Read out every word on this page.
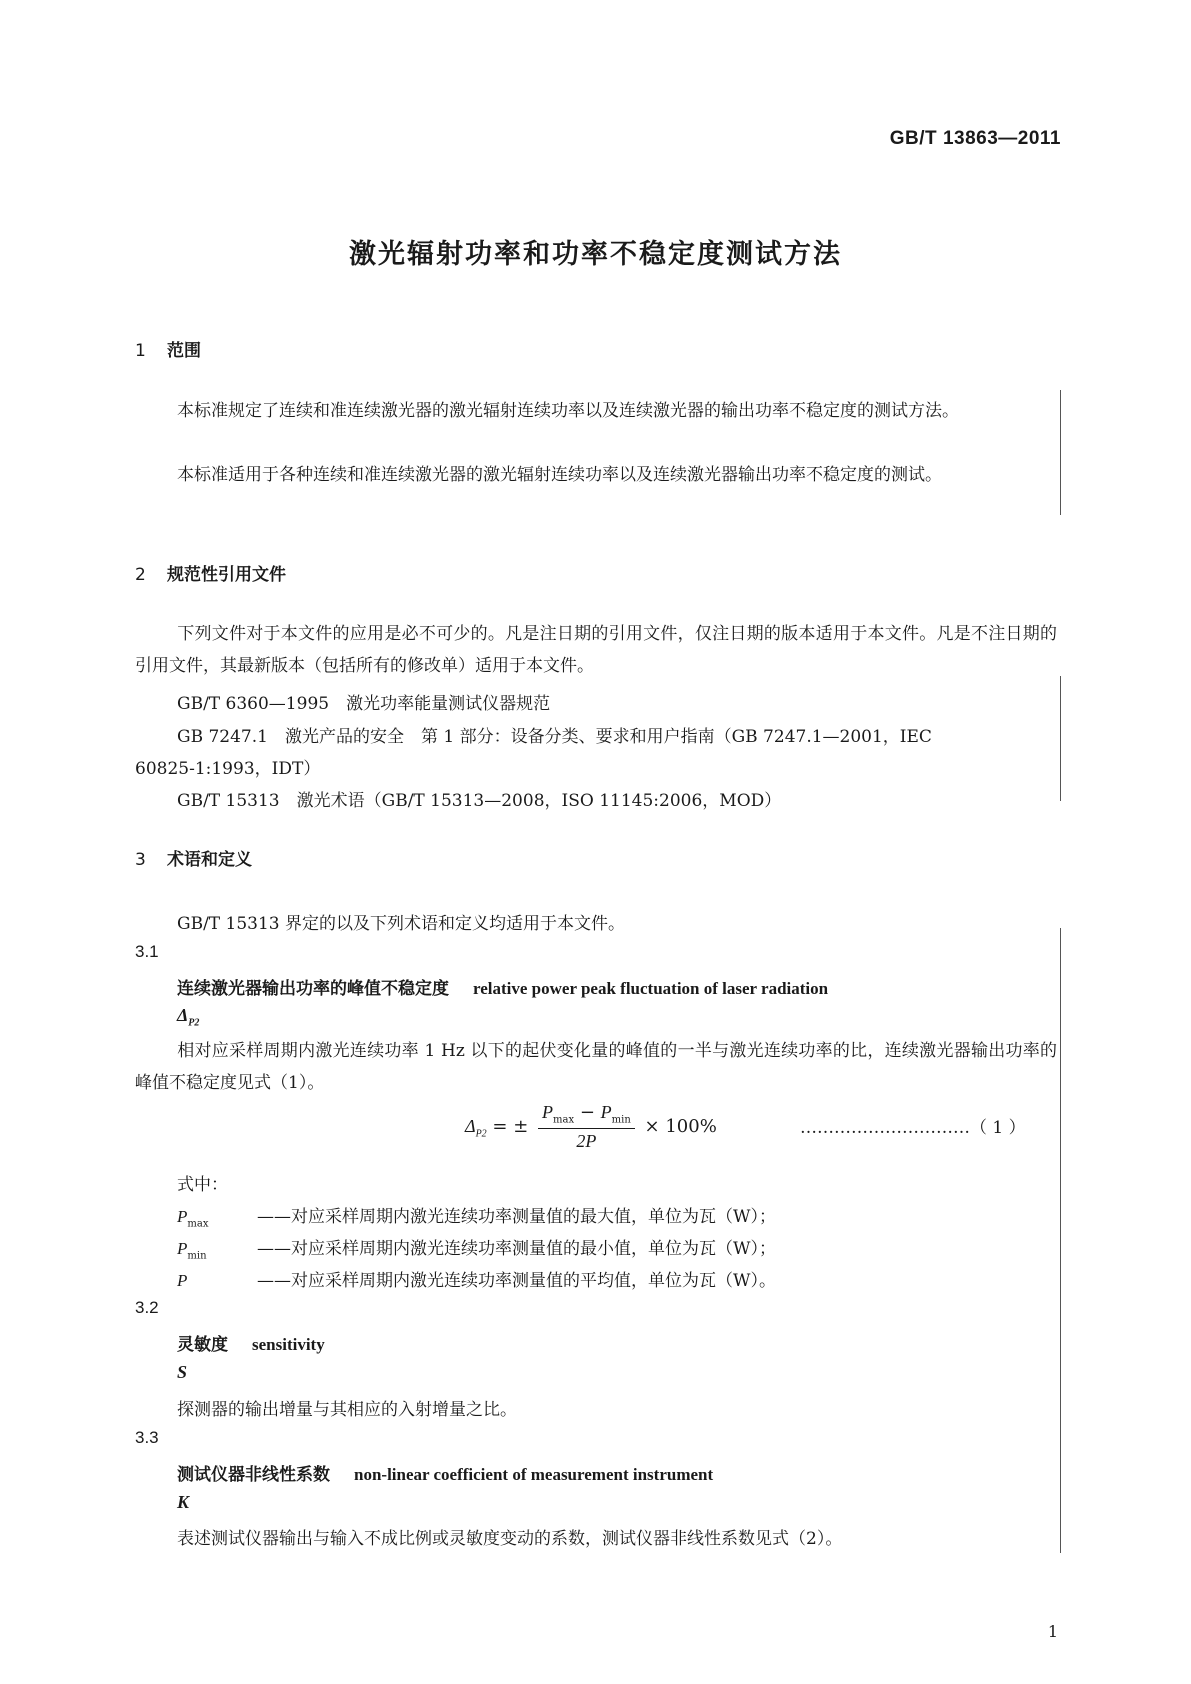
GB/T 13863—2011
激光辐射功率和功率不稳定度测试方法
1 范围
本标准规定了连续和准连续激光器的激光辐射连续功率以及连续激光器的输出功率不稳定度的测试方法。
本标准适用于各种连续和准连续激光器的激光辐射连续功率以及连续激光器输出功率不稳定度的测试。
2 规范性引用文件
下列文件对于本文件的应用是必不可少的。凡是注日期的引用文件，仅注日期的版本适用于本文件。凡是不注日期的引用文件，其最新版本（包括所有的修改单）适用于本文件。
GB/T 6360—1995　激光功率能量测试仪器规范
GB 7247.1　激光产品的安全　第 1 部分：设备分类、要求和用户指南（GB 7247.1—2001，IEC
60825-1:1993，IDT）
GB/T 15313　激光术语（GB/T 15313—2008，ISO 11145:2006，MOD）
3 术语和定义
GB/T 15313 界定的以及下列术语和定义均适用于本文件。
3.1
连续激光器输出功率的峰值不稳定度 relative power peak fluctuation of laser radiation
$\Delta_{P2}$
相对应采样周期内激光连续功率 1 Hz 以下的起伏变化量的峰值的一半与激光连续功率的比，连续激光器输出功率的峰值不稳定度见式（1）。
$\Delta_{P2}$ = ± $\frac{P_{max} - P_{min}}{2P} \times 100\%$	…………………………（ 1 ）
式中：
$P_{max}$	——对应采样周期内激光连续功率测量值的最大值，单位为瓦（W）；
$P_{min}$	——对应采样周期内激光连续功率测量值的最小值，单位为瓦（W）；
P	——对应采样周期内激光连续功率测量值的平均值，单位为瓦（W）。
3.2
灵敏度 sensitivity
S
探测器的输出增量与其相应的入射增量之比。
3.3
测试仪器非线性系数 non-linear coefficient of measurement instrument
K
表述测试仪器输出与输入不成比例或灵敏度变动的系数，测试仪器非线性系数见式（2）。
1
